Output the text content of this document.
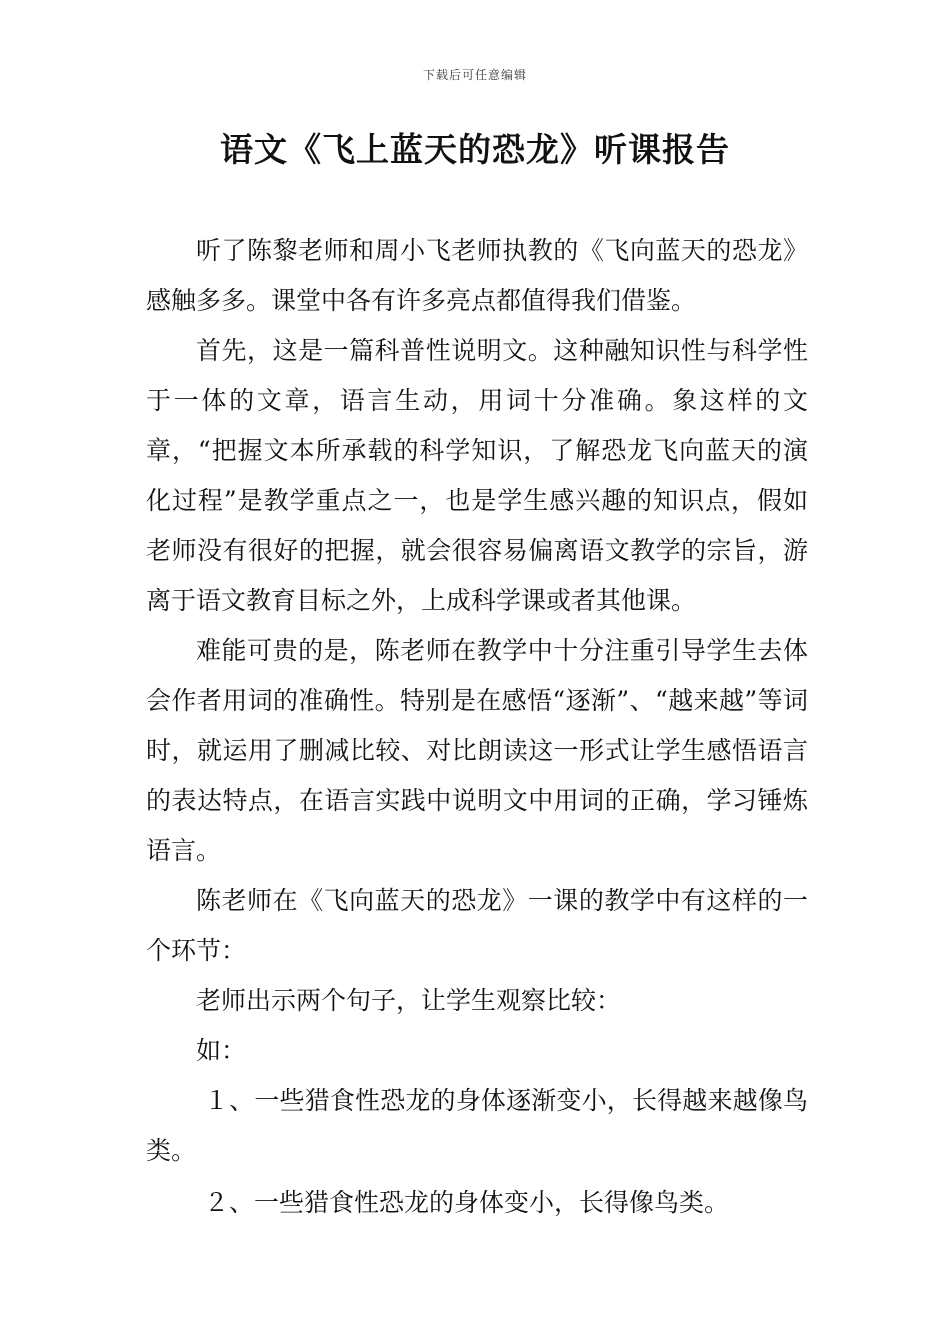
下载后可任意编辑
语文《飞上蓝天的恐龙》听课报告

听了陈黎老师和周小飞老师执教的《飞向蓝天的恐龙》感触多多。课堂中各有许多亮点都值得我们借鉴。

首先，这是一篇科普性说明文。这种融知识性与科学性于一体的文章，语言生动，用词十分准确。象这样的文章，“把握文本所承载的科学知识，了解恐龙飞向蓝天的演化过程”是教学重点之一，也是学生感兴趣的知识点，假如老师没有很好的把握，就会很容易偏离语文教学的宗旨，游离于语文教育目标之外，上成科学课或者其他课。

难能可贵的是，陈老师在教学中十分注重引导学生去体会作者用词的准确性。特别是在感悟“逐渐”、“越来越”等词时，就运用了删减比较、对比朗读这一形式让学生感悟语言的表达特点，在语言实践中说明文中用词的正确，学习锤炼语言。

陈老师在《飞向蓝天的恐龙》一课的教学中有这样的一个环节：

老师出示两个句子，让学生观察比较：

如：

１、一些猎食性恐龙的身体逐渐变小，长得越来越像鸟类。

２、一些猎食性恐龙的身体变小，长得像鸟类。
